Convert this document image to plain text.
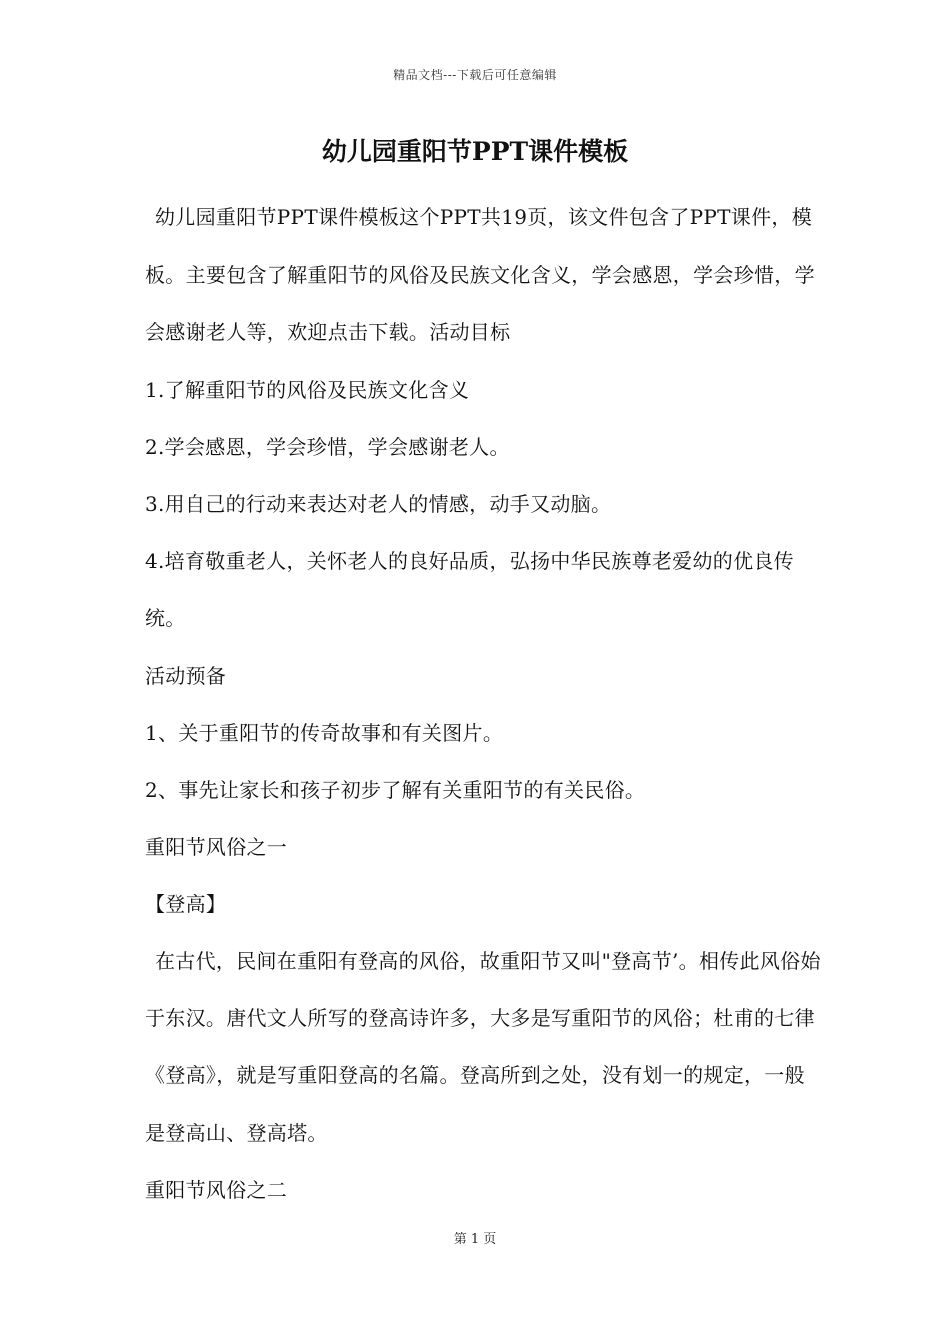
精品文档---下载后可任意编辑
幼儿园重阳节PPT课件模板

幼儿园重阳节PPT课件模板这个PPT共19页，该文件包含了PPT课件，模板。主要包含了解重阳节的风俗及民族文化含义，学会感恩，学会珍惜，学会感谢老人等，欢迎点击下载。活动目标

1.了解重阳节的风俗及民族文化含义

2.学会感恩，学会珍惜，学会感谢老人。

3.用自己的行动来表达对老人的情感，动手又动脑。

4.培育敬重老人，关怀老人的良好品质，弘扬中华民族尊老爱幼的优良传统。

活动预备

1、关于重阳节的传奇故事和有关图片。

2、事先让家长和孩子初步了解有关重阳节的有关民俗。

重阳节风俗之一

【登高】

在古代，民间在重阳有登高的风俗，故重阳节又叫"登高节’。相传此风俗始于东汉。唐代文人所写的登高诗许多，大多是写重阳节的风俗；杜甫的七律《登高》，就是写重阳登高的名篇。登高所到之处，没有划一的规定，一般是登高山、登高塔。

重阳节风俗之二

第 1 页
